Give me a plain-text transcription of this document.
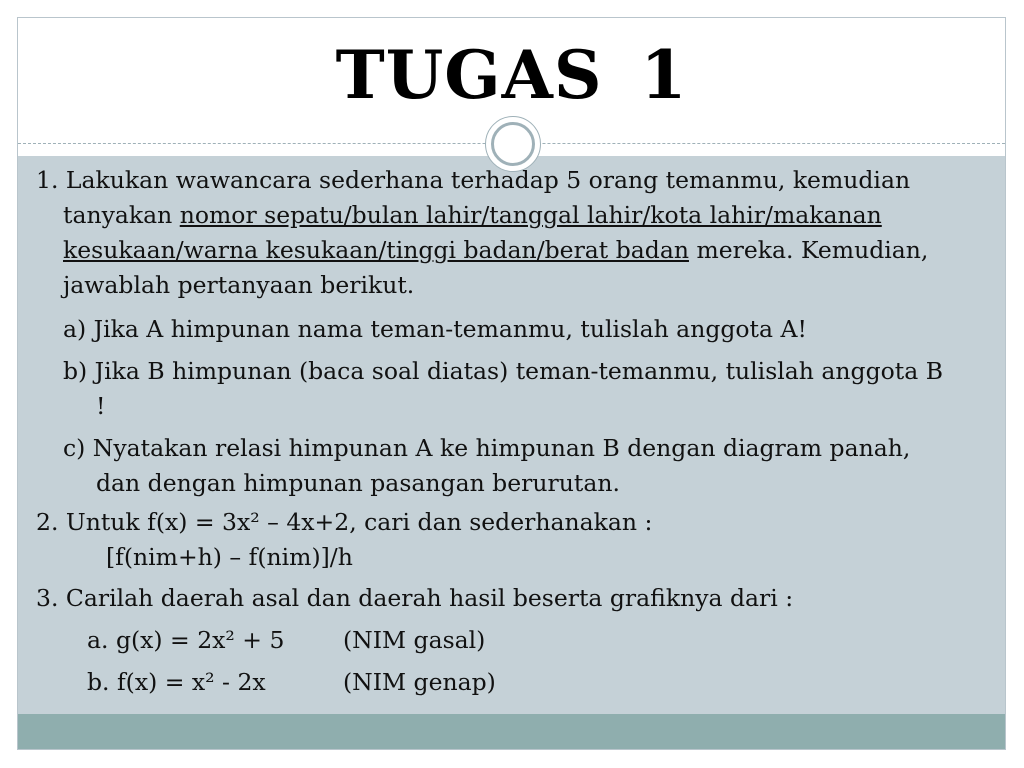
TUGAS 1

1. Lakukan wawancara sederhana terhadap 5 orang temanmu, kemudian tanyakan nomor sepatu/bulan lahir/tanggal lahir/kota lahir/makanan kesukaan/warna kesukaan/tinggi badan/berat badan mereka. Kemudian, jawablah pertanyaan berikut.

a) Jika A himpunan nama teman-temanmu, tulislah anggota A!

b) Jika B himpunan (baca soal diatas) teman-temanmu, tulislah anggota B !

c) Nyatakan relasi himpunan A ke himpunan B dengan diagram panah, dan dengan himpunan pasangan berurutan.

2. Untuk f(x) = 3x² – 4x+2, cari dan sederhanakan :

[f(nim+h) – f(nim)]/h

3. Carilah daerah asal dan daerah hasil beserta grafiknya dari :

a. g(x) = 2x² + 5 (NIM gasal)

b. f(x) = x² - 2x	(NIM genap)
